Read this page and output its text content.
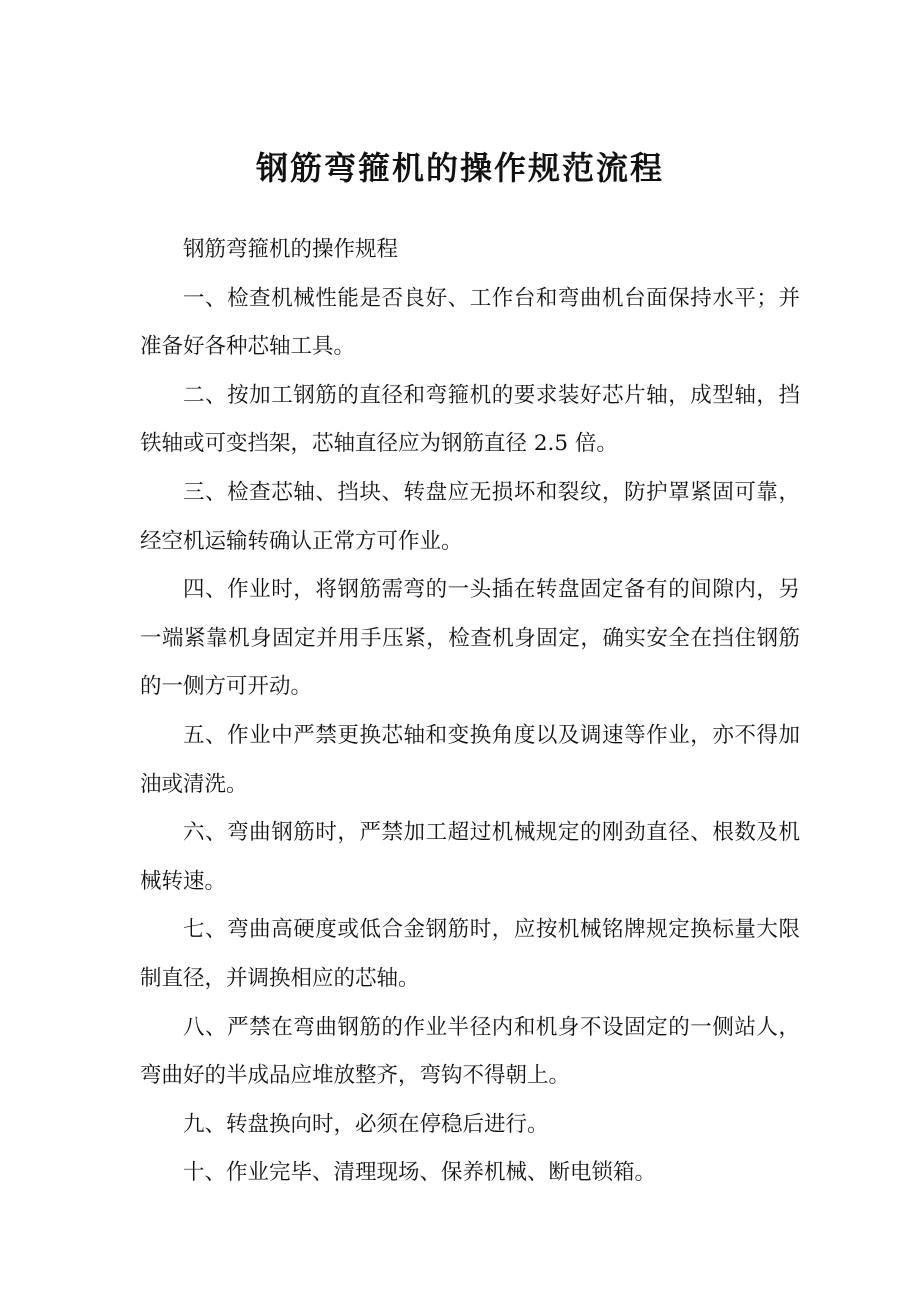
钢筋弯箍机的操作规范流程

钢筋弯箍机的操作规程

一、检查机械性能是否良好、工作台和弯曲机台面保持水平；并准备好各种芯轴工具。

二、按加工钢筋的直径和弯箍机的要求装好芯片轴，成型轴，挡铁轴或可变挡架，芯轴直径应为钢筋直径 2.5 倍。

三、检查芯轴、挡块、转盘应无损坏和裂纹，防护罩紧固可靠，经空机运输转确认正常方可作业。

四、作业时，将钢筋需弯的一头插在转盘固定备有的间隙内，另一端紧靠机身固定并用手压紧，检查机身固定，确实安全在挡住钢筋的一侧方可开动。

五、作业中严禁更换芯轴和变换角度以及调速等作业，亦不得加油或清洗。

六、弯曲钢筋时，严禁加工超过机械规定的刚劲直径、根数及机械转速。

七、弯曲高硬度或低合金钢筋时，应按机械铭牌规定换标量大限制直径，并调换相应的芯轴。

八、严禁在弯曲钢筋的作业半径内和机身不设固定的一侧站人，弯曲好的半成品应堆放整齐，弯钩不得朝上。

九、转盘换向时，必须在停稳后进行。

十、作业完毕、清理现场、保养机械、断电锁箱。
